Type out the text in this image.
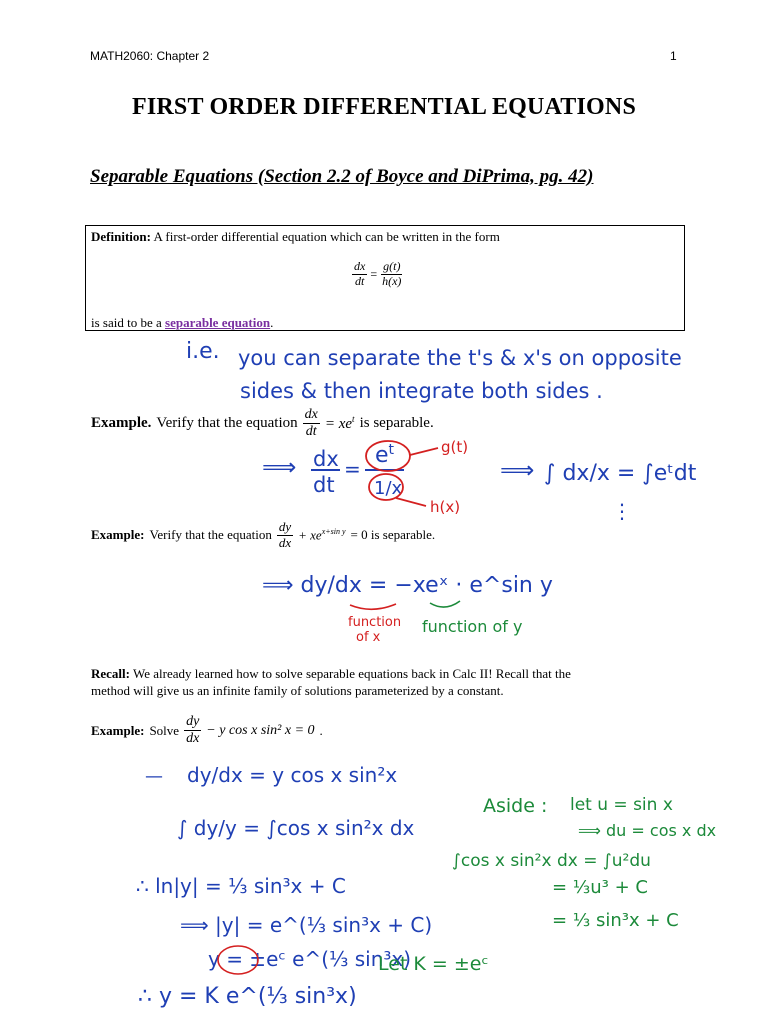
MATH2060: Chapter 2	1
FIRST ORDER DIFFERENTIAL EQUATIONS
Separable Equations (Section 2.2 of Boyce and DiPrima, pg. 42)
Definition: A first-order differential equation which can be written in the form
$\frac{dx}{dt} = \frac{g(t)}{h(x)}$
is said to be a separable equation.
i.e. you can separate the t's & x's on opposite
sides & then integrate both sides .
Example. Verify that the equation $\frac{dx}{dt} = xe^t$ is separable.
⟹ dx
dt
=
$e^t$
1/x
⟹ ∫ dx/x = ∫eᵗdt
⋮
g(t)
h(x)
Example: Verify that the equation $\frac{dy}{dx} + xe^{x+sin y} = 0$ is separable.
⟹ dy/dx = −xeˣ · e^sin y
function
of x
function of y
Recall: We already learned how to solve separable equations back in Calc II! Recall that the
method will give us an infinite family of solutions parameterized by a constant.
Example: Solve $\frac{dy}{dx} - y$ cos x sin² x = 0 .
— dy/dx = y cos x sin²x
∫ dy/y = ∫cos x sin²x dx
∴ ln|y| = ⅓ sin³x + C
⟹ |y| = e^(⅓ sin³x + C)
y = ±eᶜ e^(⅓ sin³x)
∴ y = K e^(⅓ sin³x)
Aside : let u = sin x
⟹ du = cos x dx
∫cos x sin²x dx = ∫u²du
= ⅓u³ + C
= ⅓ sin³x + C
Let K = ±eᶜ
